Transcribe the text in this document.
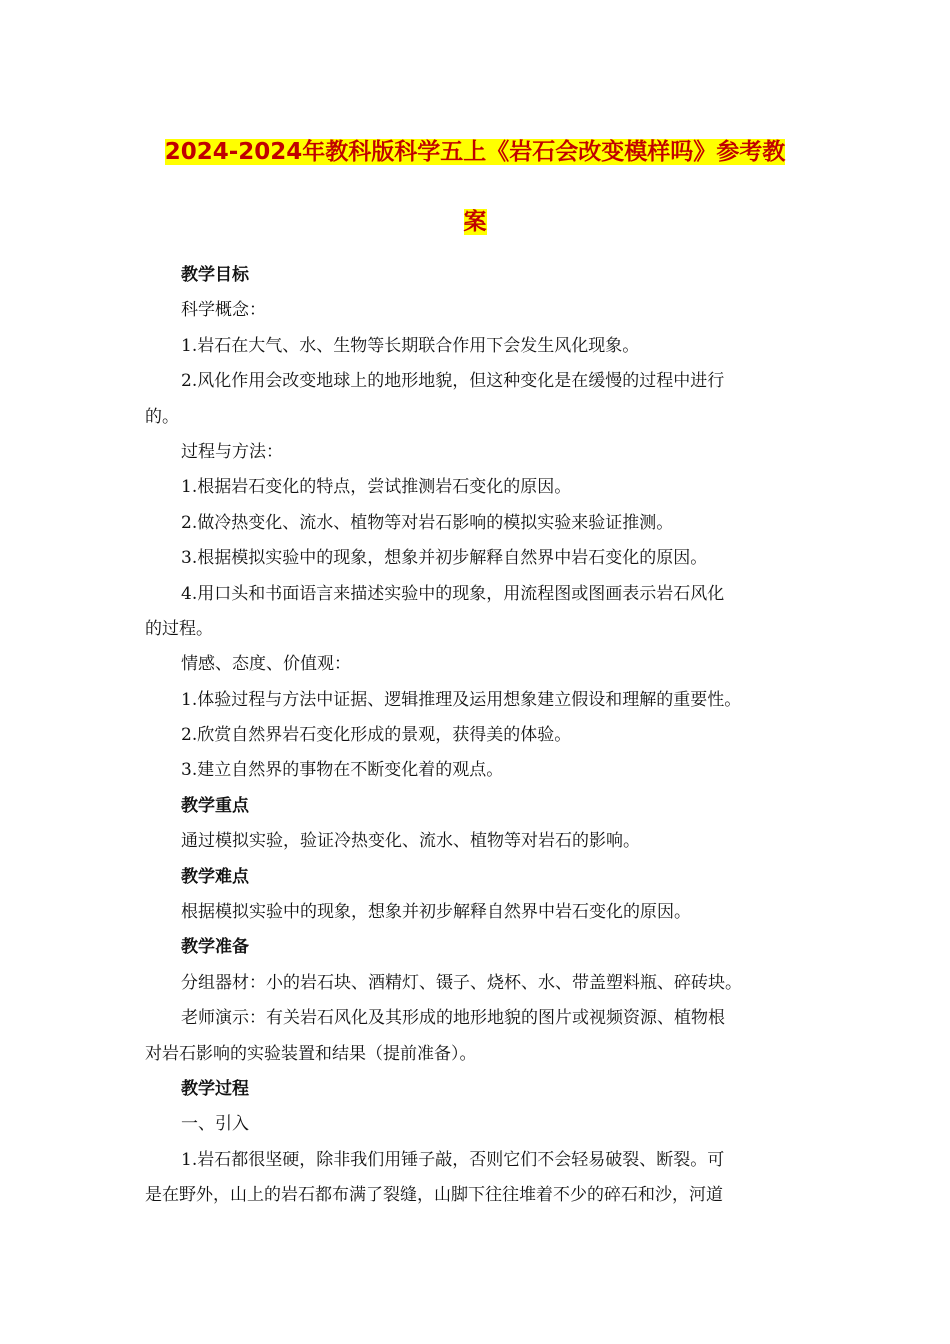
2024-2024年教科版科学五上《岩石会改变模样吗》参考教
案
教学目标
科学概念：
1.岩石在大气、水、生物等长期联合作用下会发生风化现象。
2.风化作用会改变地球上的地形地貌，但这种变化是在缓慢的过程中进行
的。
过程与方法：
1.根据岩石变化的特点，尝试推测岩石变化的原因。
2.做冷热变化、流水、植物等对岩石影响的模拟实验来验证推测。
3.根据模拟实验中的现象，想象并初步解释自然界中岩石变化的原因。
4.用口头和书面语言来描述实验中的现象，用流程图或图画表示岩石风化
的过程。
情感、态度、价值观：
1.体验过程与方法中证据、逻辑推理及运用想象建立假设和理解的重要性。
2.欣赏自然界岩石变化形成的景观，获得美的体验。
3.建立自然界的事物在不断变化着的观点。
教学重点
通过模拟实验，验证冷热变化、流水、植物等对岩石的影响。
教学难点
根据模拟实验中的现象，想象并初步解释自然界中岩石变化的原因。
教学准备
分组器材：小的岩石块、酒精灯、镊子、烧杯、水、带盖塑料瓶、碎砖块。
老师演示：有关岩石风化及其形成的地形地貌的图片或视频资源、植物根
对岩石影响的实验装置和结果（提前准备）。
教学过程
一、引入
1.岩石都很坚硬，除非我们用锤子敲，否则它们不会轻易破裂、断裂。可
是在野外，山上的岩石都布满了裂缝，山脚下往往堆着不少的碎石和沙，河道
